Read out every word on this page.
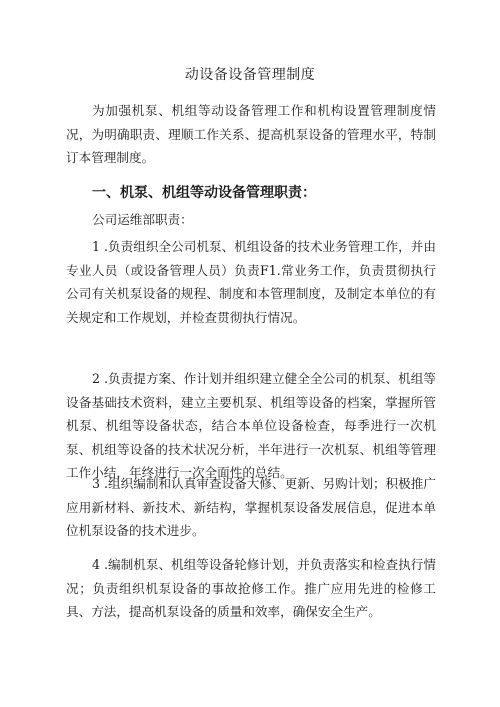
动设备设备管理制度

为加强机泵、机组等动设备管理工作和机构设置管理制度情况，为明确职责、理顺工作关系、提高机泵设备的管理水平，特制订本管理制度。

一、机泵、机组等动设备管理职责：

公司运维部职责：

1 .负责组织全公司机泵、机组设备的技术业务管理工作，并由专业人员（或设备管理人员）负责F1.常业务工作，负责贯彻执行公司有关机泵设备的规程、制度和本管理制度，及制定本单位的有关规定和工作规划，并检查贯彻执行情况。

2 .负责提方案、作计划并组织建立健全全公司的机泵、机组等设备基础技术资料，建立主要机泵、机组等设备的档案，掌握所管机泵、机组等设备状态，结合本单位设备检查，每季进行一次机泵、机组等设备的技术状况分析，半年进行一次机泵、机组等管理工作小结，年终进行一次全面性的总结。

3 .组织编制和认真审查设备大修、更新、另购计划；积极推广应用新材料、新技术、新结构，掌握机泵设备发展信息，促进本单位机泵设备的技术进步。

4 .编制机泵、机组等设备轮修计划，并负责落实和检查执行情况；负责组织机泵设备的事故抢修工作。推广应用先进的检修工具、方法，提高机泵设备的质量和效率，确保安全生产。
